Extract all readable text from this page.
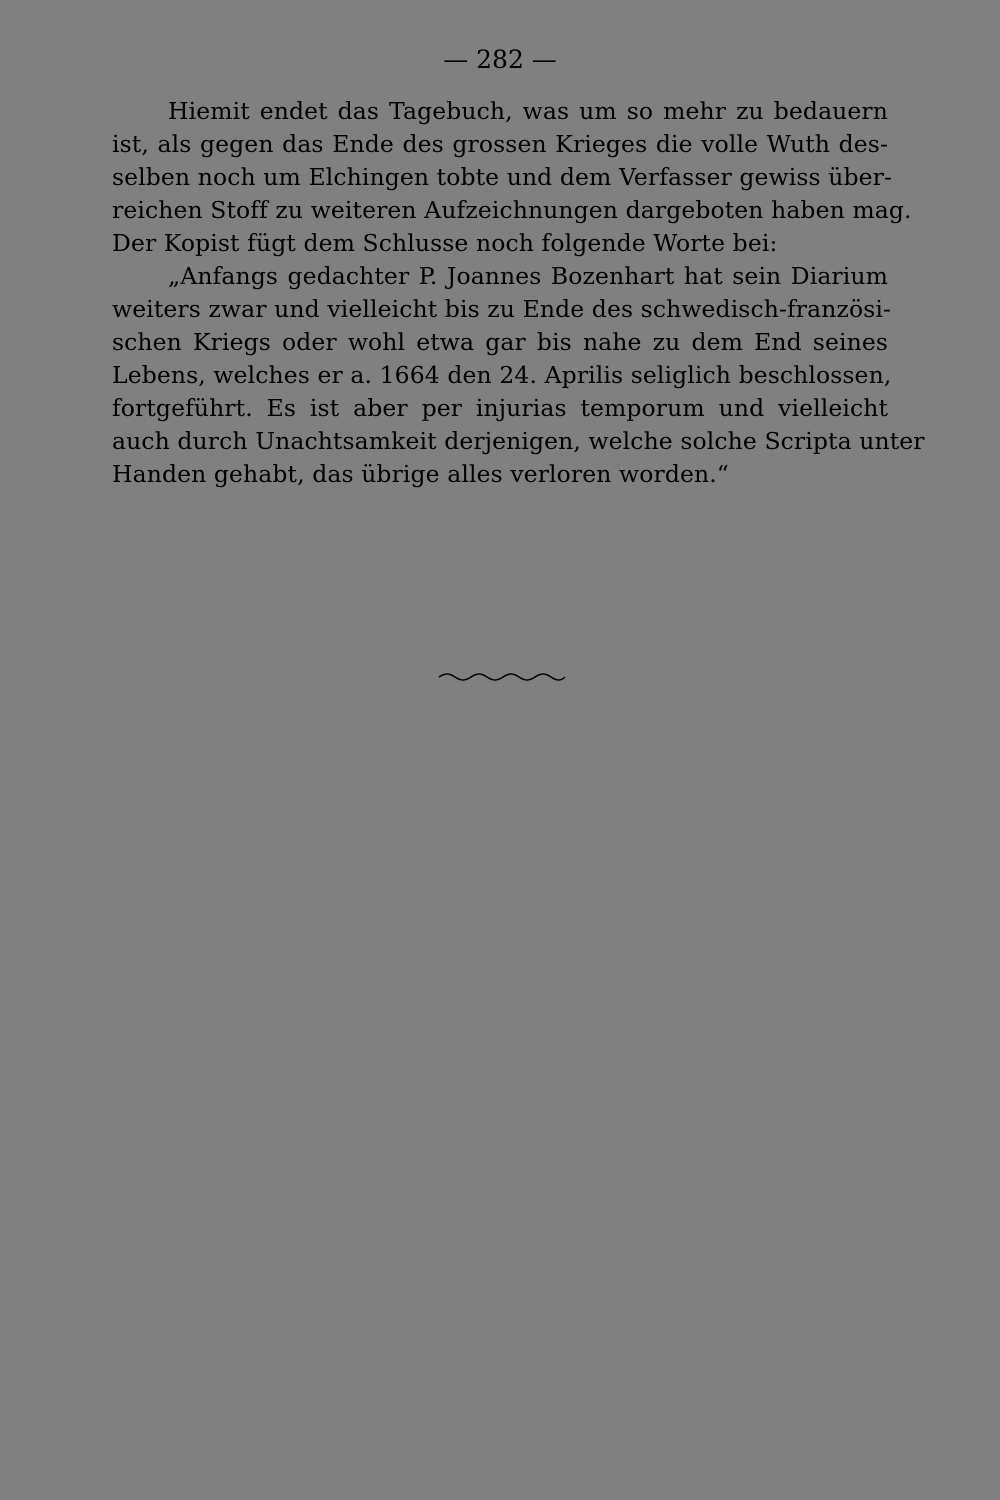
— 282 —
Hiemit endet das Tagebuch, was um so mehr zu bedauern
ist, als gegen das Ende des grossen Krieges die volle Wuth des-
selben noch um Elchingen tobte und dem Verfasser gewiss über-
reichen Stoff zu weiteren Aufzeichnungen dargeboten haben mag.
Der Kopist fügt dem Schlusse noch folgende Worte bei:
„Anfangs gedachter P. Joannes Bozenhart hat sein Diarium
weiters zwar und vielleicht bis zu Ende des schwedisch-französi-
schen Kriegs oder wohl etwa gar bis nahe zu dem End seines
Lebens, welches er a. 1664 den 24. Aprilis seliglich beschlossen,
fortgeführt. Es ist aber per injurias temporum und vielleicht
auch durch Unachtsamkeit derjenigen, welche solche Scripta unter
Handen gehabt, das übrige alles verloren worden.“
